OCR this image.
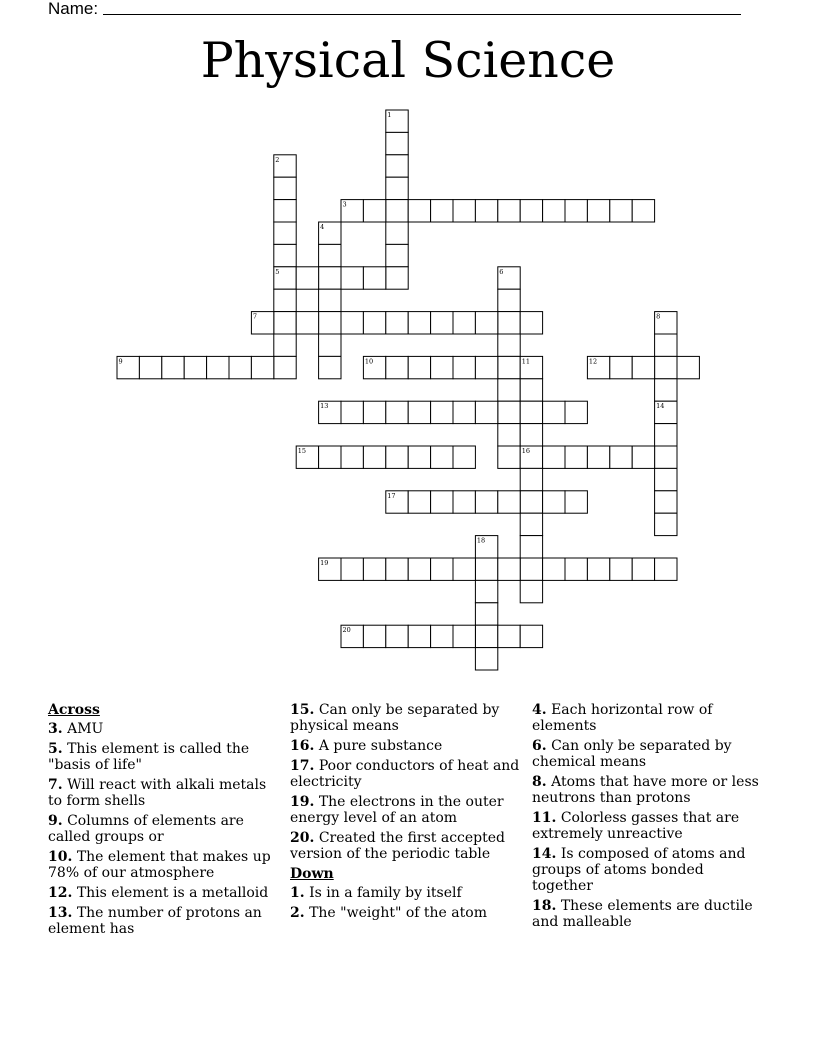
Name:
Physical Science
1
2
3
4
5	6
7	8
9	10	11	12
13	14
15	16
17
18
19
20
Across
3. AMU
5. This element is called the "basis of life"
7. Will react with alkali metals to form shells
9. Columns of elements are called groups or
10. The element that makes up 78% of our atmosphere
12. This element is a metalloid
13. The number of protons an element has
15. Can only be separated by physical means
16. A pure substance
17. Poor conductors of heat and electricity
19. The electrons in the outer energy level of an atom
20. Created the first accepted version of the periodic table
Down
1. Is in a family by itself
2. The "weight" of the atom
4. Each horizontal row of elements
6. Can only be separated by chemical means
8. Atoms that have more or less neutrons than protons
11. Colorless gasses that are extremely unreactive
14. Is composed of atoms and groups of atoms bonded together
18. These elements are ductile and malleable
